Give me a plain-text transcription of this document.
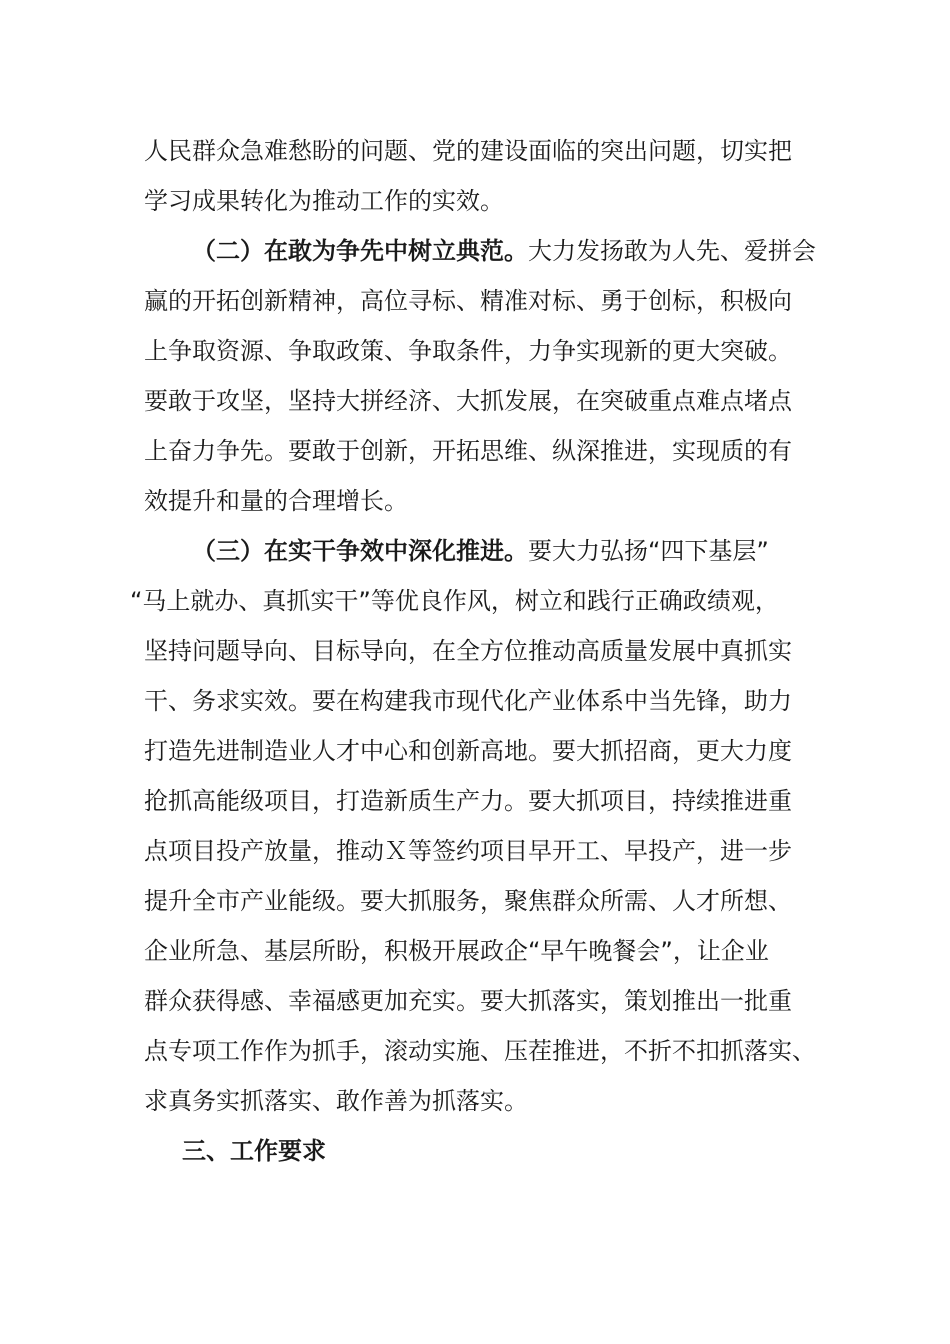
人民群众急难愁盼的问题、党的建设面临的突出问题，切实把
学习成果转化为推动工作的实效。
（二）在敢为争先中树立典范。大力发扬敢为人先、爱拼会
赢的开拓创新精神，高位寻标、精准对标、勇于创标，积极向
上争取资源、争取政策、争取条件，力争实现新的更大突破。
要敢于攻坚，坚持大拼经济、大抓发展，在突破重点难点堵点
上奋力争先。要敢于创新，开拓思维、纵深推进，实现质的有
效提升和量的合理增长。
（三）在实干争效中深化推进。要大力弘扬“四下基层”
“马上就办、真抓实干”等优良作风，树立和践行正确政绩观，
坚持问题导向、目标导向，在全方位推动高质量发展中真抓实
干、务求实效。要在构建我市现代化产业体系中当先锋，助力
打造先进制造业人才中心和创新高地。要大抓招商，更大力度
抢抓高能级项目，打造新质生产力。要大抓项目，持续推进重
点项目投产放量，推动Ｘ等签约项目早开工、早投产，进一步
提升全市产业能级。要大抓服务，聚焦群众所需、人才所想、
企业所急、基层所盼，积极开展政企“早午晚餐会”，让企业
群众获得感、幸福感更加充实。要大抓落实，策划推出一批重
点专项工作作为抓手，滚动实施、压茬推进，不折不扣抓落实、
求真务实抓落实、敢作善为抓落实。
三、工作要求
